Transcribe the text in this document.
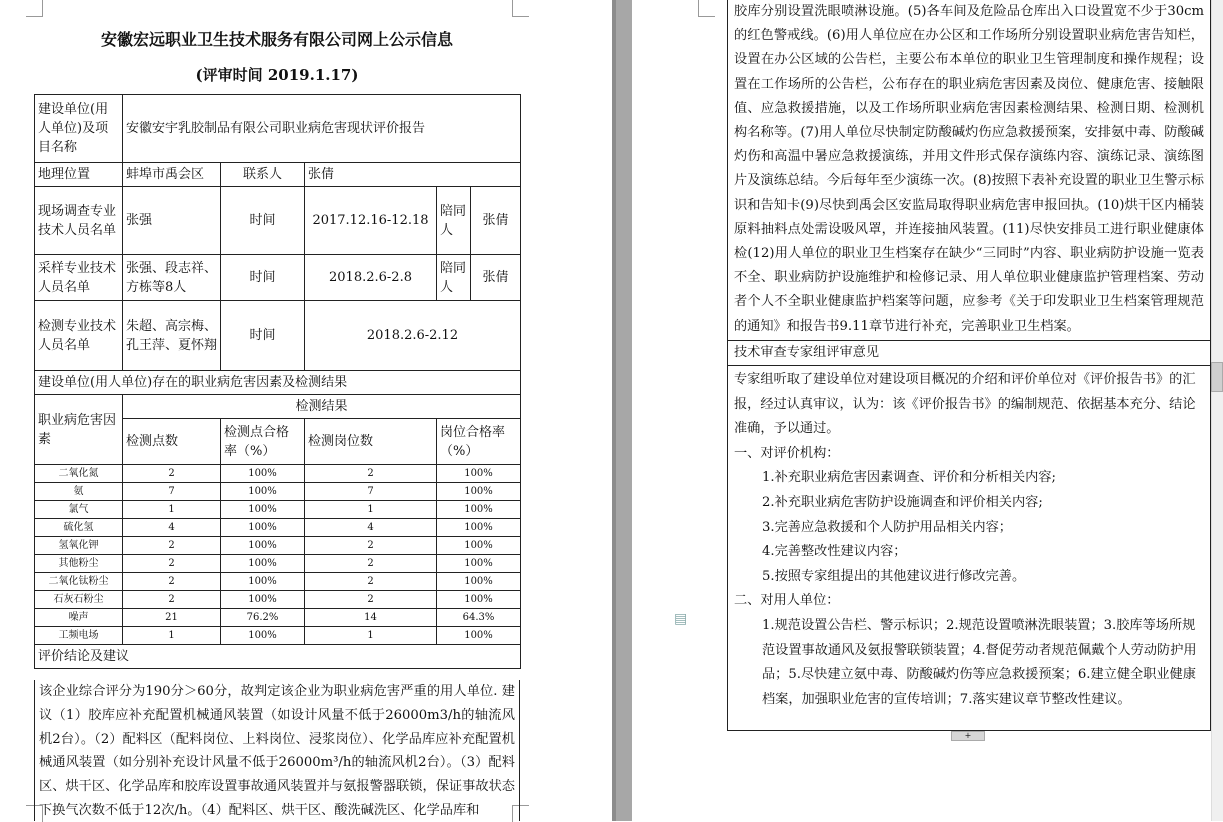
安徽宏远职业卫生技术服务有限公司网上公示信息
(评审时间 2019.1.17)
建设单位(用人单位)及项目名称	安徽安宇乳胶制品有限公司职业病危害现状评价报告				
地理位置	蚌埠市禹会区	联系人	张倩		
现场调查专业技术人员名单	张强	时间	2017.12.16-12.18	陪同人	张倩
采样专业技术人员名单	张强、段志祥、方栋等8人	时间	2018.2.6-2.8	陪同人	张倩
检测专业技术人员名单	朱超、高宗梅、孔王萍、夏怀翔	时间	2018.2.6-2.12		
建设单位(用人单位)存在的职业病危害因素及检测结果					
职业病危害因素	检测结果				
	检测点数	检测点合格率（%）	检测岗位数	岗位合格率（%）	
二氧化氮	2	100%	2	100%	
氨	7	100%	7	100%	
氯气	1	100%	1	100%	
硫化氢	4	100%	4	100%	
氢氧化钾	2	100%	2	100%	
其他粉尘	2	100%	2	100%	
二氧化钛粉尘	2	100%	2	100%	
石灰石粉尘	2	100%	2	100%	
噪声	21	76.2%	14	64.3%	
工频电场	1	100%	1	100%	
评价结论及建议					
该企业综合评分为190分＞60分，故判定该企业为职业病危害严重的用人单位. 建议（1）胶库应补充配置机械通风装置（如设计风量不低于26000m3/h的轴流风机2台）。（2）配料区（配料岗位、上料岗位、浸浆岗位）、化学品库应补充配置机械通风装置（如分别补充设计风量不低于26000m³/h的轴流风机2台）。（3）配料区、烘干区、化学品库和胶库设置事故通风装置并与氨报警器联锁，保证事故状态下换气次数不低于12次/h。（4）配料区、烘干区、酸洗碱洗区、化学品库和
胶库分别设置洗眼喷淋设施。(5)各车间及危险品仓库出入口设置宽不少于30cm的红色警戒线。(6)用人单位应在办公区和工作场所分别设置职业病危害告知栏，设置在办公区域的公告栏，主要公布本单位的职业卫生管理制度和操作规程；设置在工作场所的公告栏，公布存在的职业病危害因素及岗位、健康危害、接触限值、应急救援措施，以及工作场所职业病危害因素检测结果、检测日期、检测机构名称等。(7)用人单位尽快制定防酸碱灼伤应急救援预案，安排氨中毒、防酸碱灼伤和高温中暑应急救援演练，并用文件形式保存演练内容、演练记录、演练图片及演练总结。今后每年至少演练一次。(8)按照下表补充设置的职业卫生警示标识和告知卡(9)尽快到禹会区安监局取得职业病危害申报回执。(10)烘干区内桶装原料抽料点处需设吸风罩，并连接抽风装置。(11)尽快安排员工进行职业健康体检(12)用人单位的职业卫生档案存在缺少“三同时”内容、职业病防护设施一览表不全、职业病防护设施维护和检修记录、用人单位职业健康监护管理档案、劳动者个人不全职业健康监护档案等问题，应参考《关于印发职业卫生档案管理规范的通知》和报告书9.11章节进行补充，完善职业卫生档案。
技术审查专家组评审意见
专家组听取了建设单位对建设项目概况的介绍和评价单位对《评价报告书》的汇报，经过认真审议，认为：该《评价报告书》的编制规范、依据基本充分、结论准确，予以通过。
一、对评价机构：
1.补充职业病危害因素调查、评价和分析相关内容;
2.补充职业病危害防护设施调查和评价相关内容;
3.完善应急救援和个人防护用品相关内容；
4.完善整改性建议内容；
5.按照专家组提出的其他建议进行修改完善。
二、对用人单位：
1.规范设置公告栏、警示标识；2.规范设置喷淋洗眼装置；3.胶库等场所规范设置事故通风及氨报警联锁装置；4.督促劳动者规范佩戴个人劳动防护用品；5.尽快建立氨中毒、防酸碱灼伤等应急救援预案；6.建立健全职业健康档案，加强职业危害的宣传培训；7.落实建议章节整改性建议。
+
▤
